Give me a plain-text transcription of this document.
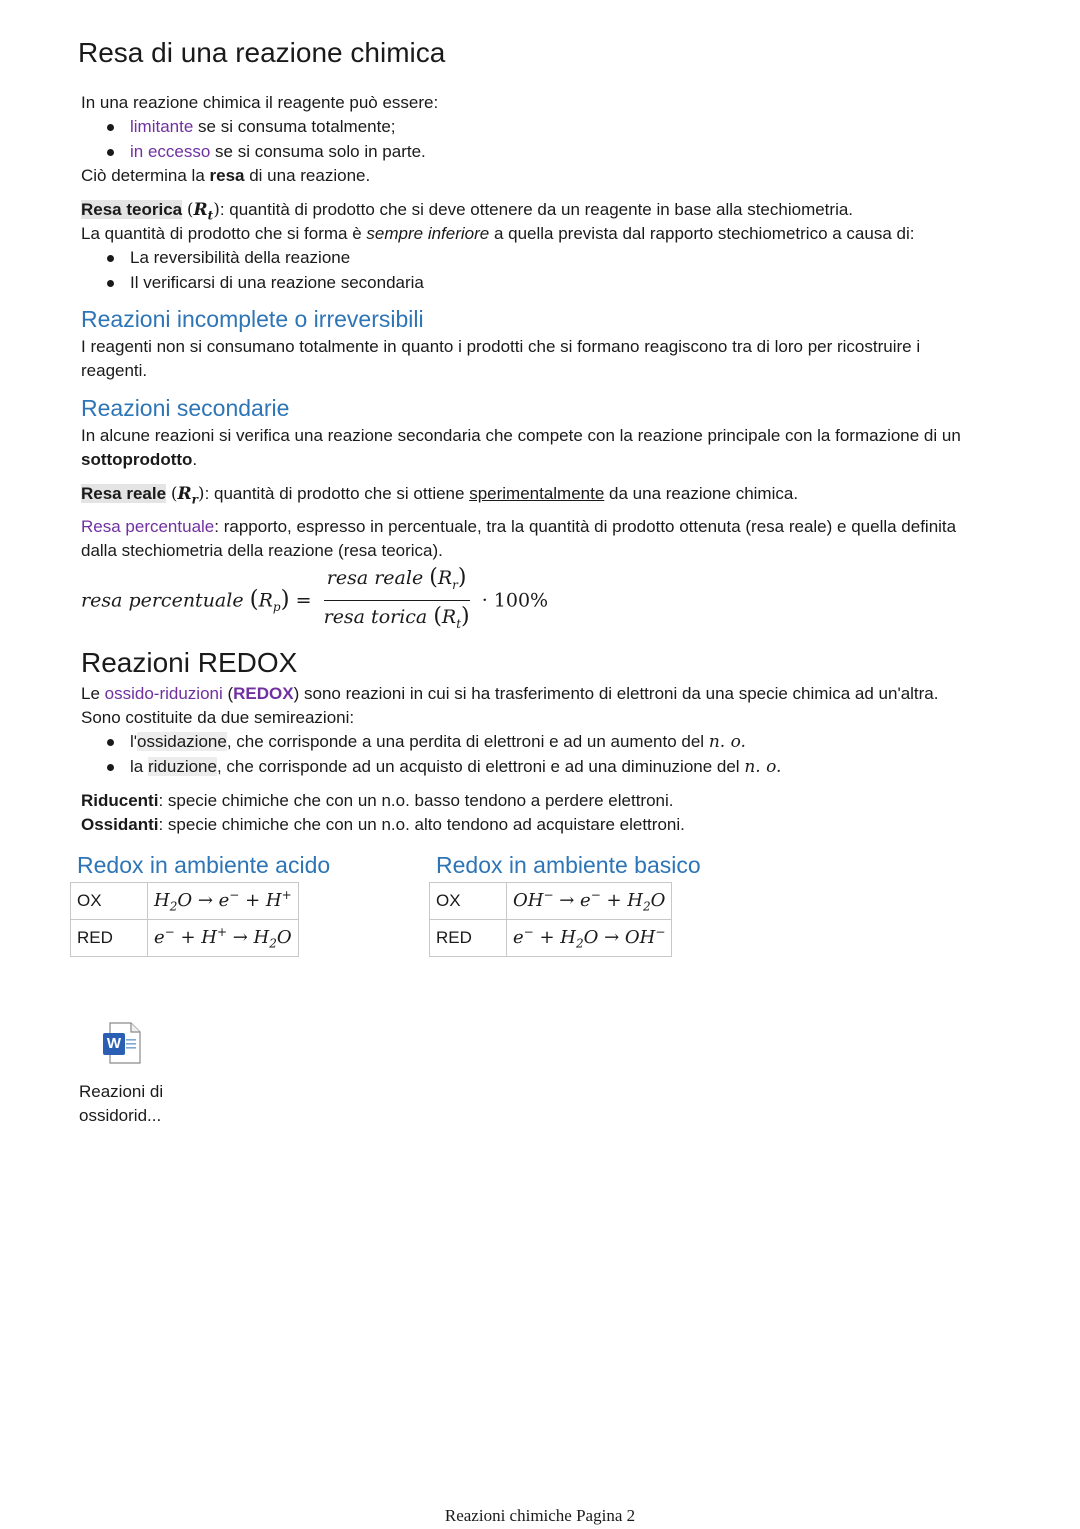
Resa di una reazione chimica
In una reazione chimica il reagente può essere:
limitante se si consuma totalmente;
in eccesso se si consuma solo in parte.
Ciò determina la resa di una reazione.
Resa teorica $(R_t)$: quantità di prodotto che si deve ottenere da un reagente in base alla stechiometria.
La quantità di prodotto che si forma è sempre inferiore a quella prevista dal rapporto stechiometrico a causa di:
La reversibilità della reazione
Il verificarsi di una reazione secondaria
Reazioni incomplete o irreversibili
I reagenti non si consumano totalmente in quanto i prodotti che si formano reagiscono tra di loro per ricostruire i
reagenti.
Reazioni secondarie
In alcune reazioni si verifica una reazione secondaria che compete con la reazione principale con la formazione di un
sottoprodotto.
Resa reale $(R_r)$: quantità di prodotto che si ottiene sperimentalmente da una reazione chimica.
Resa percentuale: rapporto, espresso in percentuale, tra la quantità di prodotto ottenuta (resa reale) e quella definita
dalla stechiometria della reazione (resa teorica).
resa percentuale $(R_p) = \frac{resa reale (R_r)}{resa torica (R_t)} \cdot 100\%$
Reazioni REDOX
Le ossido-riduzioni (REDOX) sono reazioni in cui si ha trasferimento di elettroni da una specie chimica ad un'altra.
Sono costituite da due semireazioni:
l'ossidazione, che corrisponde a una perdita di elettroni e ad un aumento del n. o.
la riduzione, che corrisponde ad un acquisto di elettroni e ad una diminuzione del n. o.
Riducenti: specie chimiche che con un n.o. basso tendono a perdere elettroni.
Ossidanti: specie chimiche che con un n.o. alto tendono ad acquistare elettroni.
Redox in ambiente acido
OX	$H_2O \to e^- + H^+$
RED	$e^- + H^+ \to H_2O$
Redox in ambiente basico
OX	$OH^- \to e^- + H_2O$
RED	$e^- + H_2O \to OH^-$
W
Reazioni di
ossidorid...
Reazioni chimiche Pagina 2
